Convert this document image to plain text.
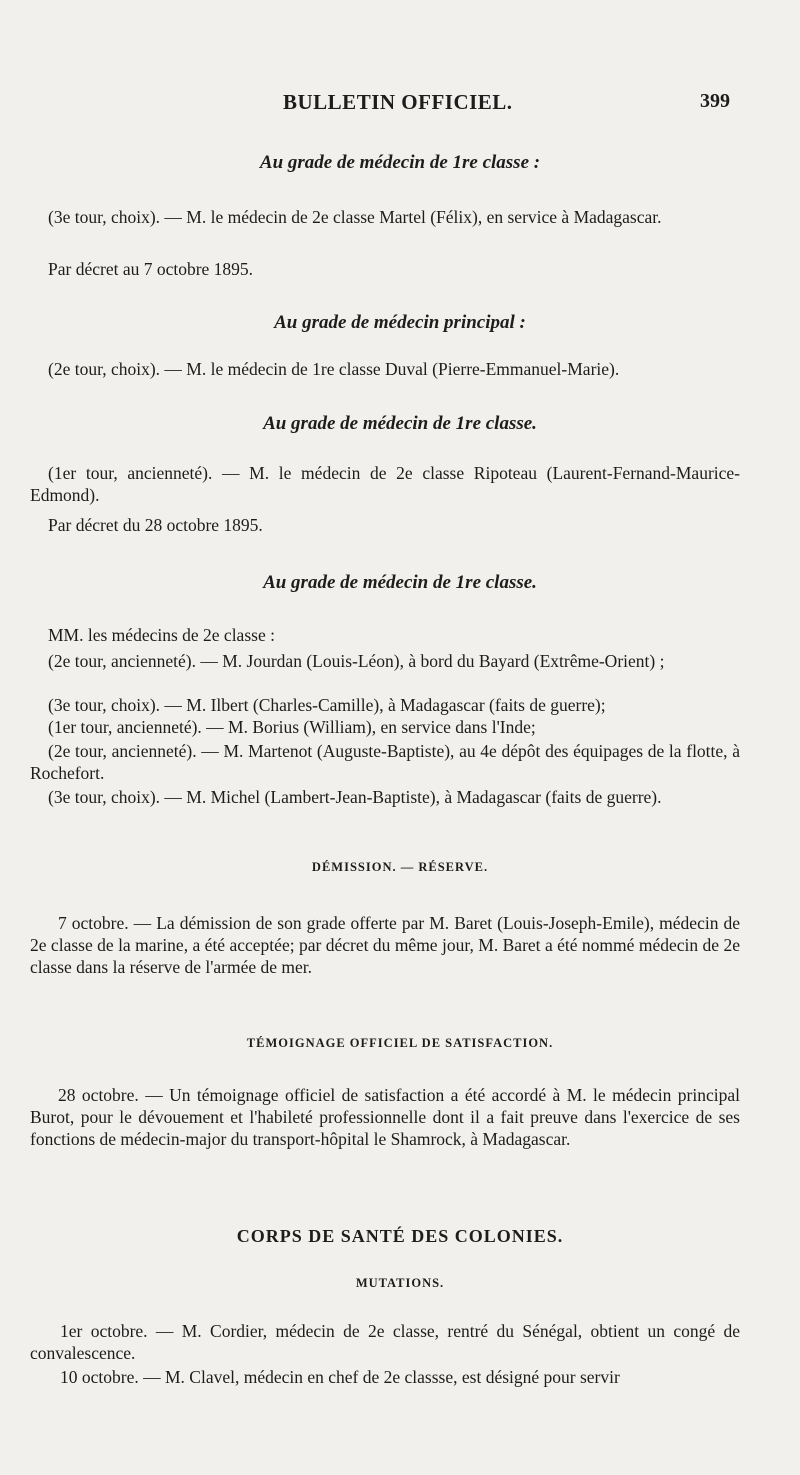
BULLETIN OFFICIEL.	399
Au grade de médecin de 1re classe :
(3e tour, choix). — M. le médecin de 2e classe Martel (Félix), en service à Madagascar.
Par décret au 7 octobre 1895.
Au grade de médecin principal :
(2e tour, choix). — M. le médecin de 1re classe Duval (Pierre-Emmanuel-Marie).
Au grade de médecin de 1re classe.
(1er tour, ancienneté). — M. le médecin de 2e classe Ripoteau (Laurent-Fernand-Maurice-Edmond).
Par décret du 28 octobre 1895.
Au grade de médecin de 1re classe.
MM. les médecins de 2e classe :
(2e tour, ancienneté). — M. Jourdan (Louis-Léon), à bord du Bayard (Extrême-Orient) ;
(3e tour, choix). — M. Ilbert (Charles-Camille), à Madagascar (faits de guerre);
(1er tour, ancienneté). — M. Borius (William), en service dans l'Inde;
(2e tour, ancienneté). — M. Martenot (Auguste-Baptiste), au 4e dépôt des équipages de la flotte, à Rochefort.
(3e tour, choix). — M. Michel (Lambert-Jean-Baptiste), à Madagascar (faits de guerre).
DÉMISSION. — RÉSERVE.
7 octobre. — La démission de son grade offerte par M. Baret (Louis-Joseph-Emile), médecin de 2e classe de la marine, a été acceptée; par décret du même jour, M. Baret a été nommé médecin de 2e classe dans la réserve de l'armée de mer.
TÉMOIGNAGE OFFICIEL DE SATISFACTION.
28 octobre. — Un témoignage officiel de satisfaction a été accordé à M. le médecin principal Burot, pour le dévouement et l'habileté professionnelle dont il a fait preuve dans l'exercice de ses fonctions de médecin-major du transport-hôpital le Shamrock, à Madagascar.
CORPS DE SANTÉ DES COLONIES.
MUTATIONS.
1er octobre. — M. Cordier, médecin de 2e classe, rentré du Sénégal, obtient un congé de convalescence.
10 octobre. — M. Clavel, médecin en chef de 2e classse, est désigné pour servir
